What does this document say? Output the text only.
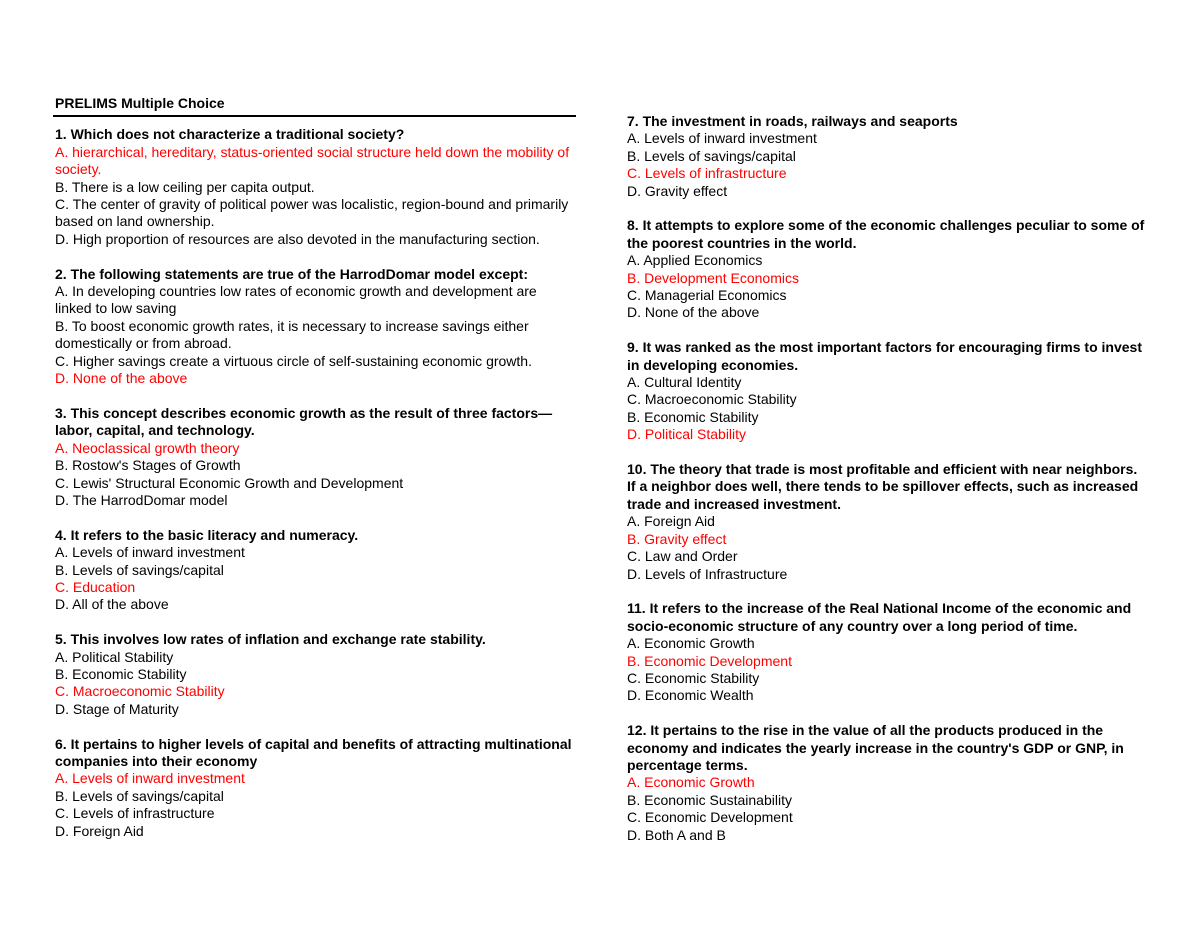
PRELIMS Multiple Choice

1. Which does not characterize a traditional society?

A. hierarchical, hereditary, status-oriented social structure held down the mobility of society.

B. There is a low ceiling per capita output.

C. The center of gravity of political power was localistic, region-bound and primarily based on land ownership.

D. High proportion of resources are also devoted in the manufacturing section.

2. The following statements are true of the HarrodDomar model except:

A. In developing countries low rates of economic growth and development are linked to low saving

B. To boost economic growth rates, it is necessary to increase savings either domestically or from abroad.

C. Higher savings create a virtuous circle of self-sustaining economic growth.

D. None of the above

3. This concept describes economic growth as the result of three factors—labor, capital, and technology.

A. Neoclassical growth theory

B. Rostow's Stages of Growth

C. Lewis' Structural Economic Growth and Development

D. The HarrodDomar model

4. It refers to the basic literacy and numeracy.

A. Levels of inward investment

B. Levels of savings/capital

C. Education

D. All of the above

5. This involves low rates of inflation and exchange rate stability.

A. Political Stability

B. Economic Stability

C. Macroeconomic Stability

D. Stage of Maturity

6. It pertains to higher levels of capital and benefits of attracting multinational companies into their economy

A. Levels of inward investment

B. Levels of savings/capital

C. Levels of infrastructure

D. Foreign Aid

7. The investment in roads, railways and seaports

A. Levels of inward investment

B. Levels of savings/capital

C. Levels of infrastructure

D. Gravity effect

8. It attempts to explore some of the economic challenges peculiar to some of the poorest countries in the world.

A. Applied Economics

B. Development Economics

C. Managerial Economics

D. None of the above

9. It was ranked as the most important factors for encouraging firms to invest in developing economies.

A. Cultural Identity

C. Macroeconomic Stability

B. Economic Stability

D. Political Stability

10. The theory that trade is most profitable and efficient with near neighbors. If a neighbor does well, there tends to be spillover effects, such as increased trade and increased investment.

A. Foreign Aid

B. Gravity effect

C. Law and Order

D. Levels of Infrastructure

11. It refers to the increase of the Real National Income of the economic and socio-economic structure of any country over a long period of time.

A. Economic Growth

B. Economic Development

C. Economic Stability

D. Economic Wealth

12. It pertains to the rise in the value of all the products produced in the economy and indicates the yearly increase in the country's GDP or GNP, in percentage terms.

A. Economic Growth

B. Economic Sustainability

C. Economic Development

D. Both A and B
